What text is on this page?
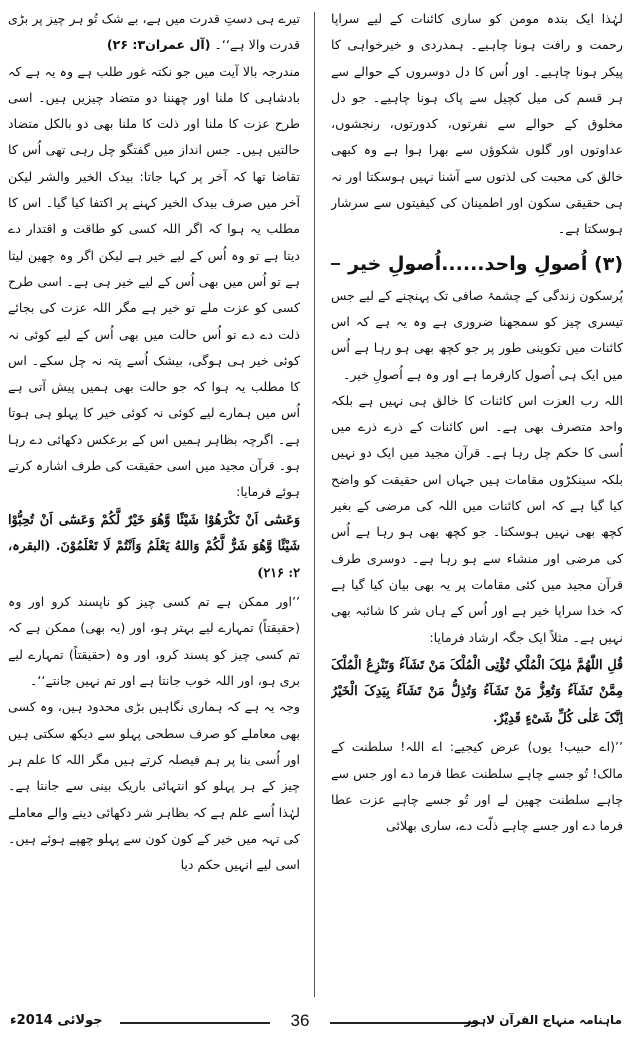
لہٰذا ایک بندہ مومن کو ساری کائنات کے لیے سراپا رحمت و رافت ہونا چاہیے۔ ہمدردی و خیرخواہی کا پیکر ہونا چاہیے۔ اور اُس کا دل دوسروں کے حوالے سے ہر قسم کی میل کچیل سے پاک ہونا چاہیے۔ جو دل مخلوق کے حوالے سے نفرتوں، کدورتوں، رنجشوں، عداوتوں اور گلوں شکوؤں سے بھرا ہوا ہے وہ کبھی خالق کی محبت کی لذتوں سے آشنا نہیں ہوسکتا اور نہ ہی حقیقی سکون اور اطمینان کی کیفیتوں سے سرشار ہوسکتا ہے۔

(۳) اُصولِ واحد......اُصولِ خیر

پُرسکون زندگی کے چشمۂ صافی تک پہنچنے کے لیے جس تیسری چیز کو سمجھنا ضروری ہے وہ یہ ہے کہ اس کائنات میں تکوینی طور پر جو کچھ بھی ہو رہا ہے اُس میں ایک ہی اُصول کارفرما ہے اور وہ ہے اُصولِ خیر۔

اللہ رب العزت اس کائنات کا خالق ہی نہیں ہے بلکہ واحد متصرف بھی ہے۔ اس کائنات کے ذرے ذرے میں اُسی کا حکم چل رہا ہے۔ قرآن مجید میں ایک دو نہیں بلکہ سینکڑوں مقامات ہیں جہاں اس حقیقت کو واضح کیا گیا ہے کہ اس کائنات میں اللہ کی مرضی کے بغیر کچھ بھی نہیں ہوسکتا۔ جو کچھ بھی ہو رہا ہے اُس کی مرضی اور منشاء سے ہو رہا ہے۔ دوسری طرف قرآن مجید میں کئی مقامات پر یہ بھی بیان کیا گیا ہے کہ خدا سراپا خیر ہے اور اُس کے ہاں شر کا شائبہ بھی نہیں ہے۔ مثلاً ایک جگہ ارشاد فرمایا:

قُلِ اللّٰھُمَّ مٰلِکَ الْمُلْکِ تُؤْتِی الْمُلْکَ مَنْ تَشَآءُ وَتَنْزِعُ الْمُلْکَ مِمَّنْ تَشَآءُ وَتُعِزُّ مَنْ تَشَآءُ وَتُذِلُّ مَنْ تَشَآءُ بِیَدِکَ الْخَیْرُ اِنَّکَ عَلٰی کُلِّ شَیْءٍ قَدِیْرٌ.

’’(اے حبیب! یوں) عرض کیجیے: اے اللہ! سلطنت کے مالک! تُو جسے چاہے سلطنت عطا فرما دے اور جس سے چاہے سلطنت چھین لے اور تُو جسے چاہے عزت عطا فرما دے اور جسے چاہے ذلّت دے، ساری بھلائی

تیرے ہی دستِ قدرت میں ہے، بے شک تُو ہر چیز پر بڑی قدرت والا ہے‘‘۔ (آل عمران۳: ۲۶)

مندرجہ بالا آیت میں جو نکتہ غور طلب ہے وہ یہ ہے کہ بادشاہی کا ملنا اور چھننا دو متضاد چیزیں ہیں۔ اسی طرح عزت کا ملنا اور ذلت کا ملنا بھی دو بالکل متضاد حالتیں ہیں۔ جس انداز میں گفتگو چل رہی تھی اُس کا تقاضا تھا کہ آخر پر کہا جاتا: بیدک الخیر والشر لیکن آخر میں صرف بیدک الخیر کہنے پر اکتفا کیا گیا۔ اس کا مطلب یہ ہوا کہ اگر اللہ کسی کو طاقت و اقتدار دے دیتا ہے تو وہ اُس کے لیے خیر ہے لیکن اگر وہ چھین لیتا ہے تو اُس میں بھی اُس کے لیے خیر ہی ہے۔ اسی طرح کسی کو عزت ملے تو خیر ہے مگر اللہ عزت کی بجائے ذلت دے دے تو اُس حالت میں بھی اُس کے لیے کوئی نہ کوئی خیر ہی ہوگی، بیشک اُسے پتہ نہ چل سکے۔ اس کا مطلب یہ ہوا کہ جو حالت بھی ہمیں پیش آتی ہے اُس میں ہمارے لیے کوئی نہ کوئی خیر کا پہلو ہی ہوتا ہے۔ اگرچہ بظاہر ہمیں اس کے برعکس دکھائی دے رہا ہو۔ قرآن مجید میں اسی حقیقت کی طرف اشارہ کرتے ہوئے فرمایا:

وَعَسٰٓی اَنْ تَکْرَھُوْا شَیْئًا وَّھُوَ خَیْرٌ لَّکُمْ وَعَسٰٓی اَنْ تُحِبُّوْا شَیْئًا وَّھُوَ شَرٌّ لَّکُمْ وَاللهُ یَعْلَمُ وَاَنْتُمْ لَا تَعْلَمُوْنَ. (البقرہ، ۲: ۲۱۶)

’’اور ممکن ہے تم کسی چیز کو ناپسند کرو اور وہ (حقیقتاً) تمہارے لیے بہتر ہو، اور (یہ بھی) ممکن ہے کہ تم کسی چیز کو پسند کرو، اور وہ (حقیقتاً) تمہارے لیے بری ہو، اور اللہ خوب جانتا ہے اور تم نہیں جانتے‘‘۔

وجہ یہ ہے کہ ہماری نگاہیں بڑی محدود ہیں، وہ کسی بھی معاملے کو صرف سطحی پہلو سے دیکھ سکتی ہیں اور اُسی بنا پر ہم فیصلہ کرتے ہیں مگر اللہ کا علم ہر چیز کے ہر پہلو کو انتہائی باریک بینی سے جانتا ہے۔ لہٰذا اُسے علم ہے کہ بظاہر شر دکھائی دینے والے معاملے کی تہہ میں خیر کے کون کون سے پہلو چھپے ہوئے ہیں۔ اسی لیے انہیں حکم دیا

جولائی 2014ء	36	ماہنامہ منہاج القرآن لاہور
